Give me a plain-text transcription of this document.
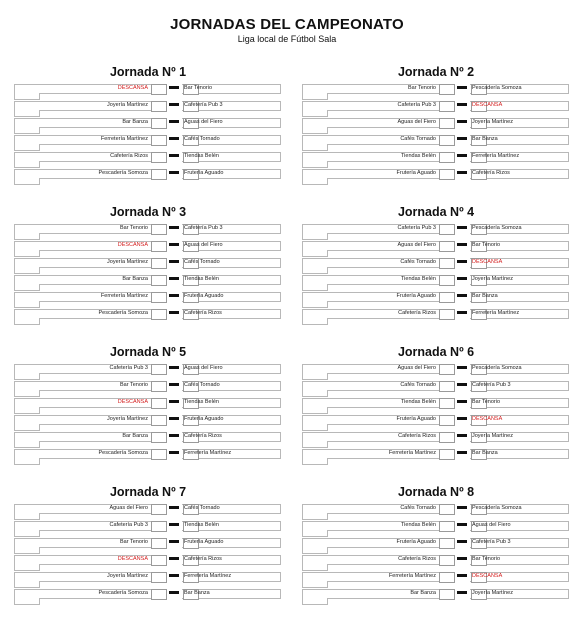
JORNADAS DEL CAMPEONATO
Liga local de Fútbol Sala
Jornada Nº 1
DESCANSA	Bar Tenorio
Joyería Martínez	Cafetería Pub 3
Bar Banza	Aguas del Fiero
Ferretería Martínez	Cafés Tornado
Cafetería Rizos	Tiendas Belén
Pescadería Somoza	Frutería Aguado
Jornada Nº 2
Bar Tenorio	Pescadería Somoza
Cafetería Pub 3	DESCANSA
Aguas del Fiero	Joyería Martínez
Cafés Tornado	Bar Banza
Tiendas Belén	Ferretería Martínez
Frutería Aguado	Cafetería Rizos
Jornada Nº 3
Bar Tenorio	Cafetería Pub 3
DESCANSA	Aguas del Fiero
Joyería Martínez	Cafés Tornado
Bar Banza	Tiendas Belén
Ferretería Martínez	Frutería Aguado
Pescadería Somoza	Cafetería Rizos
Jornada Nº 4
Cafetería Pub 3	Pescadería Somoza
Aguas del Fiero	Bar Tenorio
Cafés Tornado	DESCANSA
Tiendas Belén	Joyería Martínez
Frutería Aguado	Bar Banza
Cafetería Rizos	Ferretería Martínez
Jornada Nº 5
Cafetería Pub 3	Aguas del Fiero
Bar Tenorio	Cafés Tornado
DESCANSA	Tiendas Belén
Joyería Martínez	Frutería Aguado
Bar Banza	Cafetería Rizos
Pescadería Somoza	Ferretería Martínez
Jornada Nº 6
Aguas del Fiero	Pescadería Somoza
Cafés Tornado	Cafetería Pub 3
Tiendas Belén	Bar Tenorio
Frutería Aguado	DESCANSA
Cafetería Rizos	Joyería Martínez
Ferretería Martínez	Bar Banza
Jornada Nº 7
Aguas del Fiero	Cafés Tornado
Cafetería Pub 3	Tiendas Belén
Bar Tenorio	Frutería Aguado
DESCANSA	Cafetería Rizos
Joyería Martínez	Ferretería Martínez
Pescadería Somoza	Bar Banza
Jornada Nº 8
Cafés Tornado	Pescadería Somoza
Tiendas Belén	Aguas del Fiero
Frutería Aguado	Cafetería Pub 3
Cafetería Rizos	Bar Tenorio
Ferretería Martínez	DESCANSA
Bar Banza	Joyería Martínez
